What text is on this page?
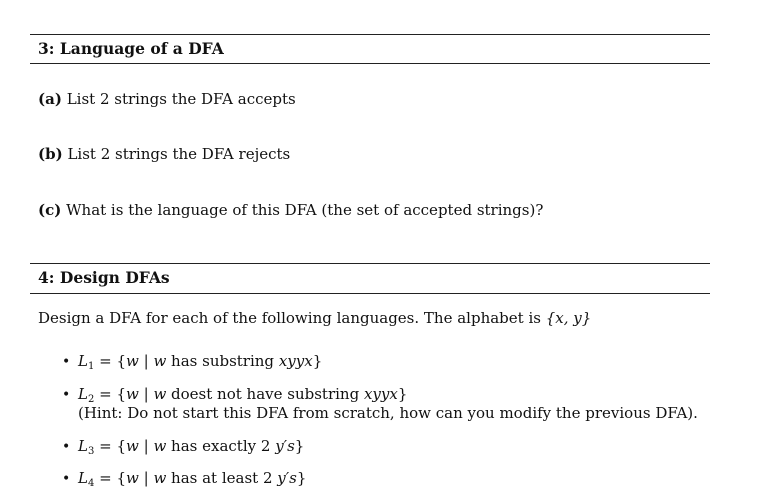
3: Language of a DFA
(a) List 2 strings the DFA accepts
(b) List 2 strings the DFA rejects
(c) What is the language of this DFA (the set of accepted strings)?
4: Design DFAs
Design a DFA for each of the following languages. The alphabet is {x, y}
• $L_1 = \{w$ | w has substring xyyx}
• $L_2 = \{w$ | w doest not have substring xyyx}
(Hint: Do not start this DFA from scratch, how can you modify the previous DFA).
• $L_3 = \{w$ | w has exactly 2 y′s}
• $L_4 = \{w$ | w has at least 2 y′s}
